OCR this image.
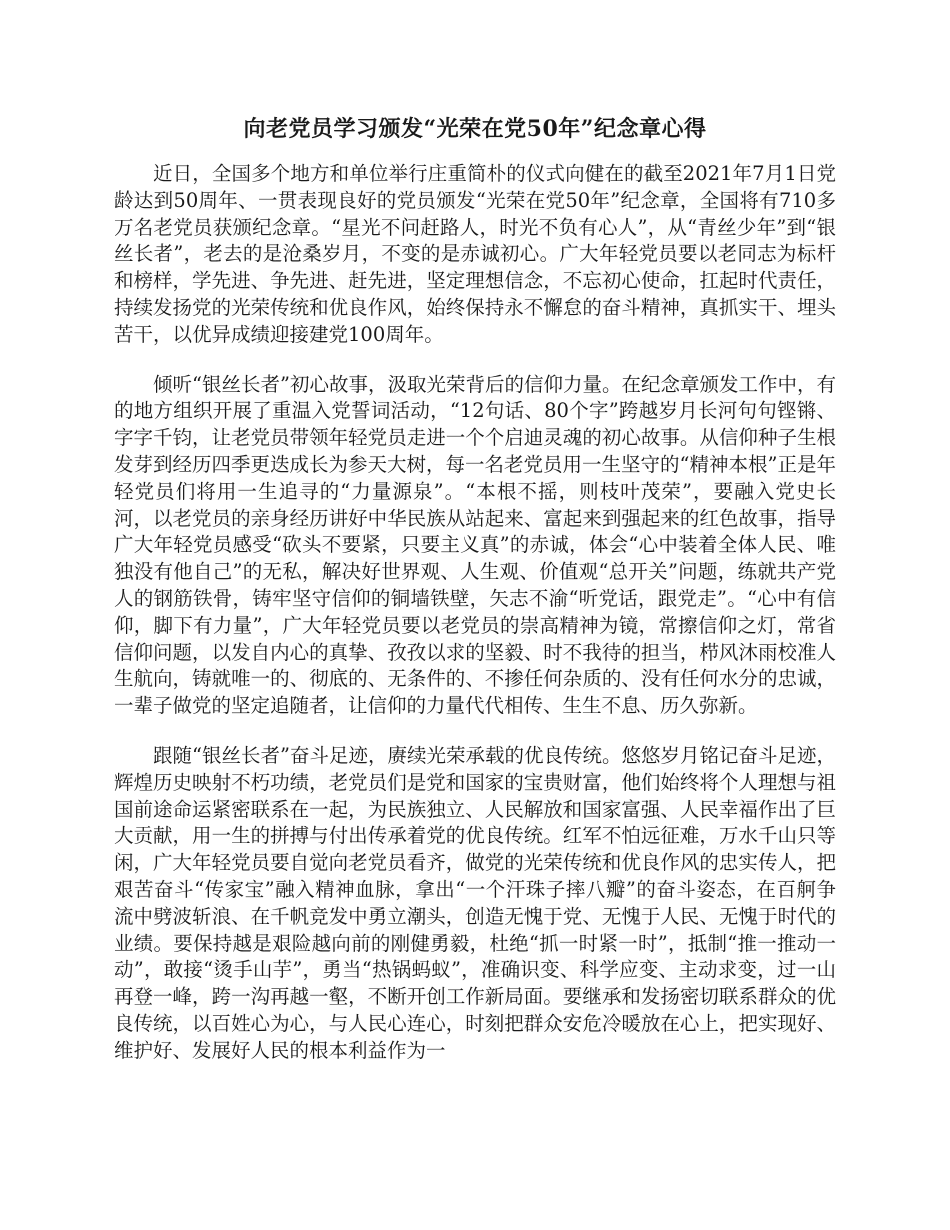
向老党员学习颁发“光荣在党50年”纪念章心得

近日，全国多个地方和单位举行庄重简朴的仪式向健在的截至2021年7月1日党龄达到50周年、一贯表现良好的党员颁发“光荣在党50年”纪念章，全国将有710多万名老党员获颁纪念章。“星光不问赶路人，时光不负有心人”，从“青丝少年”到“银丝长者”，老去的是沧桑岁月，不变的是赤诚初心。广大年轻党员要以老同志为标杆和榜样，学先进、争先进、赶先进，坚定理想信念，不忘初心使命，扛起时代责任，持续发扬党的光荣传统和优良作风，始终保持永不懈怠的奋斗精神，真抓实干、埋头苦干，以优异成绩迎接建党100周年。

倾听“银丝长者”初心故事，汲取光荣背后的信仰力量。在纪念章颁发工作中，有的地方组织开展了重温入党誓词活动，“12句话、80个字”跨越岁月长河句句铿锵、字字千钧，让老党员带领年轻党员走进一个个启迪灵魂的初心故事。从信仰种子生根发芽到经历四季更迭成长为参天大树，每一名老党员用一生坚守的“精神本根”正是年轻党员们将用一生追寻的“力量源泉”。“本根不摇，则枝叶茂荣”，要融入党史长河，以老党员的亲身经历讲好中华民族从站起来、富起来到强起来的红色故事，指导广大年轻党员感受“砍头不要紧，只要主义真”的赤诚，体会“心中装着全体人民、唯独没有他自己”的无私，解决好世界观、人生观、价值观“总开关”问题，练就共产党人的钢筋铁骨，铸牢坚守信仰的铜墙铁壁，矢志不渝“听党话，跟党走”。“心中有信仰，脚下有力量”，广大年轻党员要以老党员的崇高精神为镜，常擦信仰之灯，常省信仰问题，以发自内心的真挚、孜孜以求的坚毅、时不我待的担当，栉风沐雨校准人生航向，铸就唯一的、彻底的、无条件的、不掺任何杂质的、没有任何水分的忠诚，一辈子做党的坚定追随者，让信仰的力量代代相传、生生不息、历久弥新。

跟随“银丝长者”奋斗足迹，赓续光荣承载的优良传统。悠悠岁月铭记奋斗足迹，辉煌历史映射不朽功绩，老党员们是党和国家的宝贵财富，他们始终将个人理想与祖国前途命运紧密联系在一起，为民族独立、人民解放和国家富强、人民幸福作出了巨大贡献，用一生的拼搏与付出传承着党的优良传统。红军不怕远征难，万水千山只等闲，广大年轻党员要自觉向老党员看齐，做党的光荣传统和优良作风的忠实传人，把艰苦奋斗“传家宝”融入精神血脉，拿出“一个汗珠子摔八瓣”的奋斗姿态，在百舸争流中劈波斩浪、在千帆竞发中勇立潮头，创造无愧于党、无愧于人民、无愧于时代的业绩。要保持越是艰险越向前的刚健勇毅，杜绝“抓一时紧一时”，抵制“推一推动一动”，敢接“烫手山芋”，勇当“热锅蚂蚁”，准确识变、科学应变、主动求变，过一山再登一峰，跨一沟再越一壑，不断开创工作新局面。要继承和发扬密切联系群众的优良传统，以百姓心为心，与人民心连心，时刻把群众安危冷暖放在心上，把实现好、维护好、发展好人民的根本利益作为一
